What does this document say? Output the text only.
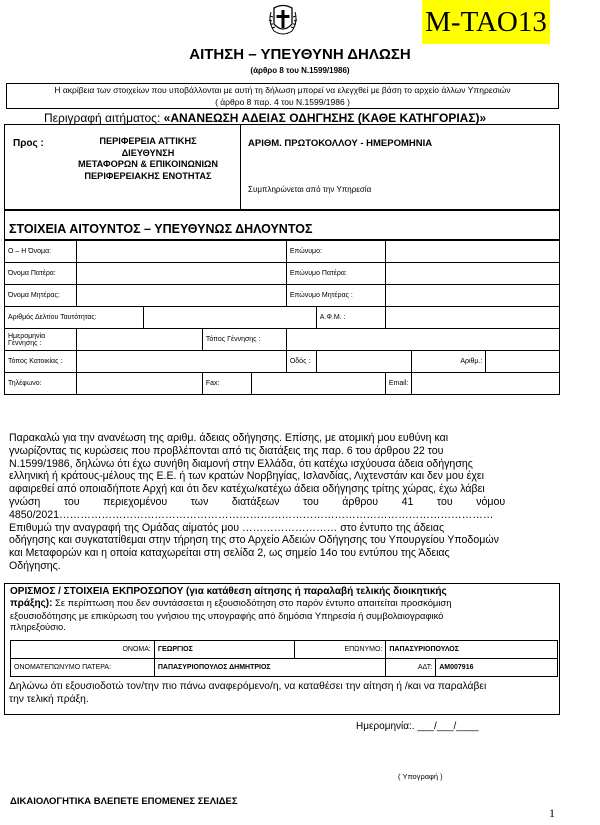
M-TAO13
ΑΙΤΗΣΗ – ΥΠΕΥΘΥΝΗ ΔΗΛΩΣΗ
(άρθρο 8 του Ν.1599/1986)
Η ακρίβεια των στοιχείων που υποβάλλονται με αυτή τη δήλωση μπορεί να ελεγχθεί με βάση το αρχείο άλλων Υπηρεσιών
( άρθρο 8 παρ. 4 του Ν.1599/1986 )
Περιγραφή αιτήματος: «ΑΝΑΝΕΩΣΗ ΑΔΕΙΑΣ ΟΔΗΓΗΣΗΣ (ΚΑΘΕ ΚΑΤΗΓΟΡΙΑΣ)»
Προς :	ΠΕΡΙΦΕΡΕΙΑ ΑΤΤΙΚΗΣ
ΔΙΕΥΘΥΝΣΗ
ΜΕΤΑΦΟΡΩΝ & ΕΠΙΚΟΙΝΩΝΙΩΝ
ΠΕΡΙΦΕΡΕΙΑΚΗΣ ΕΝΟΤΗΤΑΣ
ΑΡΙΘΜ. ΠΡΩΤΟΚΟΛΛΟΥ - ΗΜΕΡΟΜΗΝΙΑ
Συμπληρώνεται από την Υπηρεσία
ΣΤΟΙΧΕΙΑ ΑΙΤΟΥΝΤΟΣ – ΥΠΕΥΘΥΝΩΣ ΔΗΛΟΥΝΤΟΣ
Ο – Η Όνομα:					Επώνυμο:				
Όνομα Πατέρα:					Επώνυμο Πατέρα:				
Όνομα Μητέρας:					Επώνυμο Μητέρας :				
Αριθμός Δελτίου Ταυτότητας:						Α.Φ.Μ. :			
Ημερομηνία Γέννησης :			Τόπος Γέννησης :						
Τόπος Κατοικίας :					Οδός :			Αριθμ.:	
Τηλέφωνο:			Fax:				Email:		
Παρακαλώ για την ανανέωση της αριθμ. άδειας οδήγησης. Επίσης, με ατομική μου ευθύνη και
γνωρίζοντας τις κυρώσεις που προβλέπονται από τις διατάξεις της παρ. 6 του άρθρου 22 του
Ν.1599/1986, δηλώνω ότι έχω συνήθη διαμονή στην Ελλάδα, ότι κατέχω ισχύουσα άδεια οδήγησης
ελληνική ή κράτους-μέλους της Ε.Ε. ή των κρατών Νορβηγίας, Ισλανδίας, Λιχτενστάιν και δεν μου έχει
αφαιρεθεί από οποιαδήποτε Αρχή και ότι δεν κατέχω/κατέχω άδεια οδήγησης τρίτης χώρας, έχω λάβει
γνώση        του        περιεχομένου        των        διατάξεων        του        άρθρου        41        του        νόμου
4850/2021……………………………………………………………………………………………………………
Επιθυμώ την αναγραφή της Ομάδας αίματός μου ……………………… στο έντυπο της άδειας
οδήγησης και συγκατατίθεμαι στην τήρηση της στο Αρχείο Αδειών Οδήγησης του Υπουργείου Υποδομών
και Μεταφορών και η οποία καταχωρείται στη σελίδα 2, ως σημείο 14ο του εντύπου της Άδειας
Οδήγησης.
ΟΡΙΣΜΟΣ / ΣΤΟΙΧΕΙΑ ΕΚΠΡΟΣΩΠΟΥ (για κατάθεση αίτησης ή παραλαβή τελικής διοικητικής
πράξης): Σε περίπτωση που δεν συντάσσεται η εξουσιοδότηση στο παρόν έντυπο απαιτείται προσκόμιση
εξουσιοδότησης με επικύρωση του γνήσιου της υπογραφής από δημόσια Υπηρεσία ή συμβολαιογραφικό
πληρεξούσιο.
ΟΝΟΜΑ:	ΓΕΩΡΓΙΟΣ	ΕΠΩΝΥΜΟ:	ΠΑΠΑΣΥΡΙΟΠΟΥΛΟΣ	
ΟΝΟΜΑΤΕΠΩΝΥΜΟ ΠΑΤΕΡΑ:	ΠΑΠΑΣΥΡΙΟΠΟΥΛΟΣ ΔΗΜΗΤΡΙΟΣ		ΑΔΤ:	ΑΜ007916
Δηλώνω ότι εξουσιοδοτώ τον/την πιο πάνω αναφερόμενο/η, να καταθέσει την αίτηση ή /και να παραλάβει
την τελική πράξη.
Ημερομηνία:. ___/___/____
( Υπογραφή )
ΔΙΚΑΙΟΛΟΓΗΤΙΚΑ ΒΛΕΠΕΤΕ ΕΠΟΜΕΝΕΣ ΣΕΛΙΔΕΣ
1
